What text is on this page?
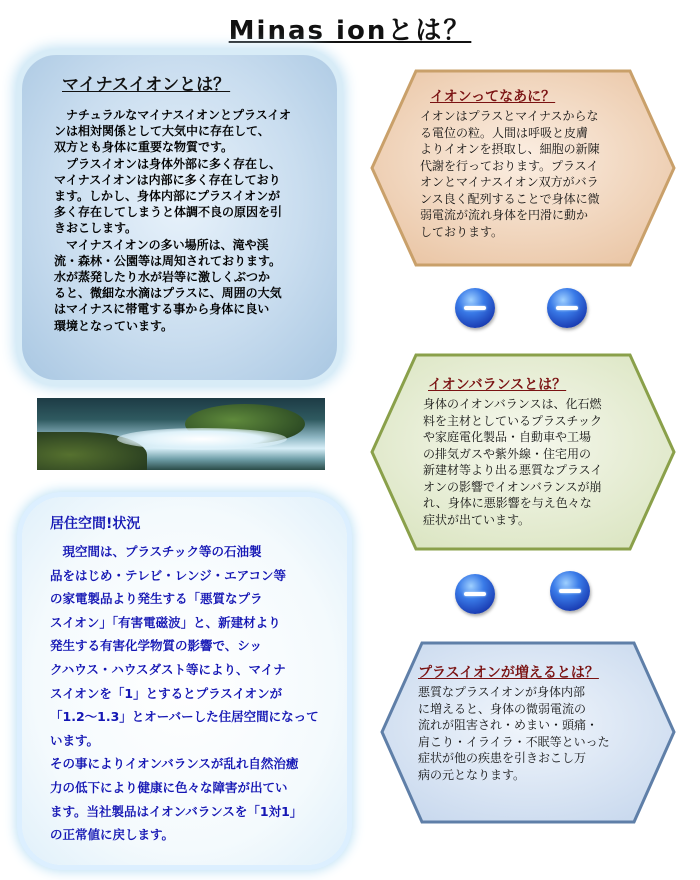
Minas ionとは？
マイナスイオンとは？
　ナチュラルなマイナスイオンとプラスイオ
ンは相対関係として大気中に存在して、
双方とも身体に重要な物質です。
　プラスイオンは身体外部に多く存在し、
マイナスイオンは内部に多く存在しており
ます。しかし、身体内部にプラスイオンが
多く存在してしまうと体調不良の原因を引
きおこします。
　マイナスイオンの多い場所は、滝や渓
流・森林・公園等は周知されております。
水が蒸発したり水が岩等に激しくぶつか
ると、微細な水滴はプラスに、周囲の大気
はマイナスに帯電する事から身体に良い
環境となっています。
居住空間!状況
　現空間は、プラスチック等の石油製
品をはじめ・テレビ・レンジ・エアコン等
の家電製品より発生する「悪質なプラ
スイオン」「有害電磁波」と、新建材より
発生する有害化学物質の影響で、シッ
クハウス・ハウスダスト等により、マイナ
スイオンを「1」とするとプラスイオンが
「1.2～1.3」とオーバーした住居空間になって
います。
その事によりイオンバランスが乱れ自然治癒
力の低下により健康に色々な障害が出てい
ます。当社製品はイオンバランスを「1対1」
の正常値に戻します。
イオンってなあに？
イオンはプラスとマイナスからな
る電位の粒。人間は呼吸と皮膚
よりイオンを摂取し、細胞の新陳
代謝を行っております。プラスイ
オンとマイナスイオン双方がバラ
ンス良く配列することで身体に微
弱電流が流れ身体を円滑に動か
しております。
イオンバランスとは？
身体のイオンバランスは、化石燃
料を主材としているプラスチック
や家庭電化製品・自動車や工場
の排気ガスや紫外線・住宅用の
新建材等より出る悪質なプラスイ
オンの影響でイオンバランスが崩
れ、身体に悪影響を与え色々な
症状が出ています。
プラスイオンが増えるとは？
悪質なプラスイオンが身体内部
に増えると、身体の微弱電流の
流れが阻害され・めまい・頭痛・
肩こり・イライラ・不眠等といった
症状が他の疾患を引きおこし万
病の元となります。
